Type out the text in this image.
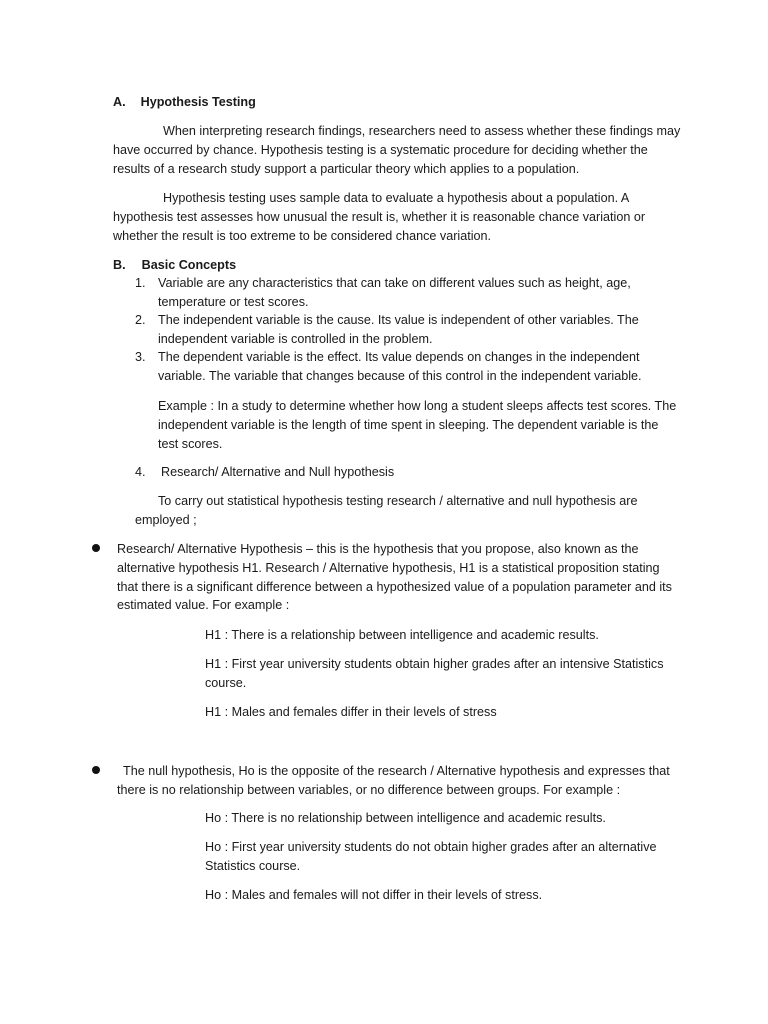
A. Hypothesis Testing

When interpreting research findings, researchers need to assess whether these findings may have occurred by chance. Hypothesis testing is a systematic procedure for deciding whether the results of a research study support a particular theory which applies to a population.

Hypothesis testing uses sample data to evaluate a hypothesis about a population. A hypothesis test assesses how unusual the result is, whether it is reasonable chance variation or whether the result is too extreme to be considered chance variation.

B. Basic Concepts
1. Variable are any characteristics that can take on different values such as height, age, temperature or test scores.
2. The independent variable is the cause. Its value is independent of other variables. The independent variable is controlled in the problem.
3. The dependent variable is the effect. Its value depends on changes in the independent variable. The variable that changes because of this control in the independent variable.

Example : In a study to determine whether how long a student sleeps affects test scores. The independent variable is the length of time spent in sleeping. The dependent variable is the test scores.

4. Research/ Alternative and Null hypothesis

To carry out statistical hypothesis testing research / alternative and null hypothesis are employed ;

Research/ Alternative Hypothesis – this is the hypothesis that you propose, also known as the alternative hypothesis H1. Research / Alternative hypothesis, H1 is a statistical proposition stating that there is a significant difference between a hypothesized value of a population parameter and its estimated value. For example :

H1 : There is a relationship between intelligence and academic results.
H1 : First year university students obtain higher grades after an intensive Statistics course.
H1 : Males and females differ in their levels of stress

The null hypothesis, Ho is the opposite of the research / Alternative hypothesis and expresses that there is no relationship between variables, or no difference between groups. For example :

Ho : There is no relationship between intelligence and academic results.
Ho : First year university students do not obtain higher grades after an alternative Statistics course.
Ho : Males and females will not differ in their levels of stress.
